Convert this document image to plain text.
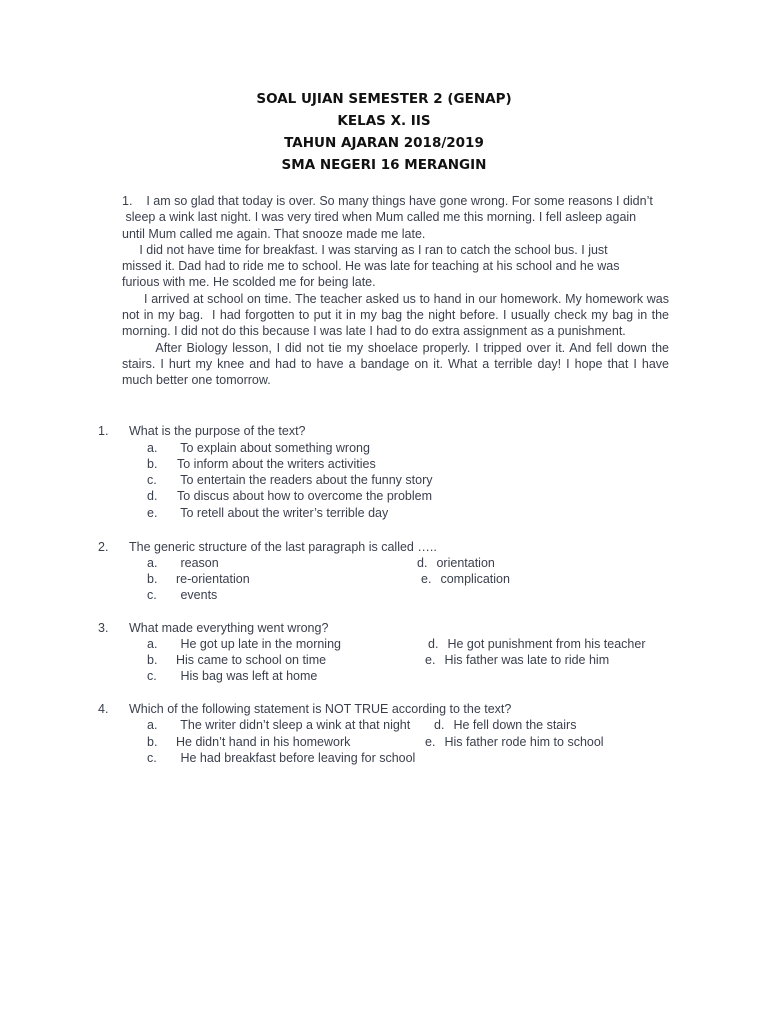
SOAL UJIAN SEMESTER 2 (GENAP)
KELAS X. IIS
TAHUN AJARAN 2018/2019
SMA NEGERI 16 MERANGIN

1.    I am so glad that today is over. So many things have gone wrong. For some reasons I didn’t

sleep a wink last night. I was very tired when Mum called me this morning. I fell asleep again

until Mum called me again. That snooze made me late.

I did not have time for breakfast. I was starving as I ran to catch the school bus. I just

missed it. Dad had to ride me to school. He was late for teaching at his school and he was

furious with me. He scolded me for being late.

I arrived at school on time. The teacher asked us to hand in our homework. My homework was not in my bag.  I had forgotten to put it in my bag the night before. I usually check my bag in the morning. I did not do this because I was late I had to do extra assignment as a punishment.

After Biology lesson, I did not tie my shoelace properly. I tripped over it. And fell down the stairs. I hurt my knee and had to have a bandage on it. What a terrible day! I hope that I have much better one tomorrow.

1. What is the purpose of the text?
a. To explain about something wrong
b. To inform about the writers activities
c. To entertain the readers about the funny story
d. To discus about how to overcome the problem
e. To retell about the writer’s terrible day
2. The generic structure of the last paragraph is called …..
a. reason	d. orientation
b. re-orientation	e. complication
c. events
3. What made everything went wrong?
a. He got up late in the morning	d. He got punishment from his teacher
b. His came to school on time	e. His father was late to ride him
c. His bag was left at home
4. Which of the following statement is NOT TRUE according to the text?
a. The writer didn’t sleep a wink at that night d. He fell down the stairs
b. He didn’t hand in his homework	e. His father rode him to school
c. He had breakfast before leaving for school
